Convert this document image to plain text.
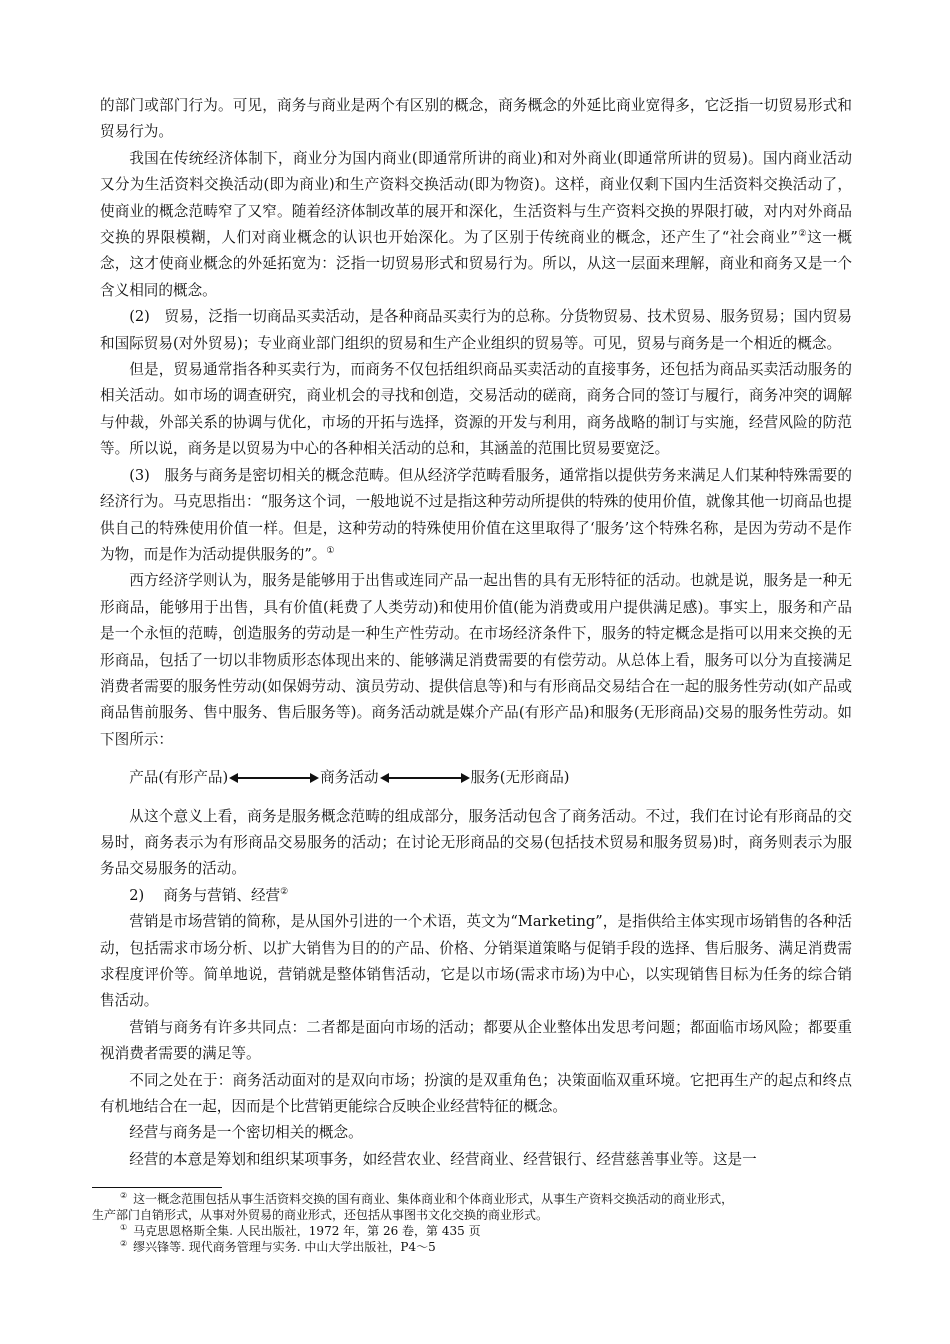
的部门或部门行为。可见，商务与商业是两个有区别的概念，商务概念的外延比商业宽得多，它泛指一切贸易形式和贸易行为。

我国在传统经济体制下，商业分为国内商业(即通常所讲的商业)和对外商业(即通常所讲的贸易)。国内商业活动又分为生活资料交换活动(即为商业)和生产资料交换活动(即为物资)。这样，商业仅剩下国内生活资料交换活动了，使商业的概念范畴窄了又窄。随着经济体制改革的展开和深化，生活资料与生产资料交换的界限打破，对内对外商品交换的界限模糊，人们对商业概念的认识也开始深化。为了区别于传统商业的概念，还产生了“社会商业”②这一概念，这才使商业概念的外延拓宽为：泛指一切贸易形式和贸易行为。所以，从这一层面来理解，商业和商务又是一个含义相同的概念。

(2)　贸易，泛指一切商品买卖活动，是各种商品买卖行为的总称。分货物贸易、技术贸易、服务贸易；国内贸易和国际贸易(对外贸易)；专业商业部门组织的贸易和生产企业组织的贸易等。可见，贸易与商务是一个相近的概念。

但是，贸易通常指各种买卖行为，而商务不仅包括组织商品买卖活动的直接事务，还包括为商品买卖活动服务的相关活动。如市场的调查研究，商业机会的寻找和创造，交易活动的磋商，商务合同的签订与履行，商务冲突的调解与仲裁，外部关系的协调与优化，市场的开拓与选择，资源的开发与利用，商务战略的制订与实施，经营风险的防范等。所以说，商务是以贸易为中心的各种相关活动的总和，其涵盖的范围比贸易要宽泛。

(3)　服务与商务是密切相关的概念范畴。但从经济学范畴看服务，通常指以提供劳务来满足人们某种特殊需要的经济行为。马克思指出：“服务这个词，一般地说不过是指这种劳动所提供的特殊的使用价值，就像其他一切商品也提供自己的特殊使用价值一样。但是，这种劳动的特殊使用价值在这里取得了‘服务’这个特殊名称，是因为劳动不是作为物，而是作为活动提供服务的”。①

西方经济学则认为，服务是能够用于出售或连同产品一起出售的具有无形特征的活动。也就是说，服务是一种无形商品，能够用于出售，具有价值(耗费了人类劳动)和使用价值(能为消费或用户提供满足感)。事实上，服务和产品是一个永恒的范畴，创造服务的劳动是一种生产性劳动。在市场经济条件下，服务的特定概念是指可以用来交换的无形商品，包括了一切以非物质形态体现出来的、能够满足消费需要的有偿劳动。从总体上看，服务可以分为直接满足消费者需要的服务性劳动(如保姆劳动、演员劳动、提供信息等)和与有形商品交易结合在一起的服务性劳动(如产品或商品售前服务、售中服务、售后服务等)。商务活动就是媒介产品(有形产品)和服务(无形商品)交易的服务性劳动。如下图所示：

产品(有形产品)	商务活动	服务(无形商品)

从这个意义上看，商务是服务概念范畴的组成部分，服务活动包含了商务活动。不过，我们在讨论有形商品的交易时，商务表示为有形商品交易服务的活动；在讨论无形商品的交易(包括技术贸易和服务贸易)时，商务则表示为服务品交易服务的活动。

2)　 商务与营销、经营②

营销是市场营销的简称，是从国外引进的一个术语，英文为“Marketing”，是指供给主体实现市场销售的各种活动，包括需求市场分析、以扩大销售为目的的产品、价格、分销渠道策略与促销手段的选择、售后服务、满足消费需求程度评价等。简单地说，营销就是整体销售活动，它是以市场(需求市场)为中心，以实现销售目标为任务的综合销售活动。

营销与商务有许多共同点：二者都是面向市场的活动；都要从企业整体出发思考问题；都面临市场风险；都要重视消费者需要的满足等。

不同之处在于：商务活动面对的是双向市场；扮演的是双重角色；决策面临双重环境。它把再生产的起点和终点有机地结合在一起，因而是个比营销更能综合反映企业经营特征的概念。

经营与商务是一个密切相关的概念。

经营的本意是筹划和组织某项事务，如经营农业、经营商业、经营银行、经营慈善事业等。这是一

② 这一概念范围包括从事生活资料交换的国有商业、集体商业和个体商业形式，从事生产资料交换活动的商业形式，

生产部门自销形式，从事对外贸易的商业形式，还包括从事图书文化交换的商业形式。

① 马克思恩格斯全集. 人民出版社，1972 年，第 26 卷，第 435 页

② 缪兴锋等. 现代商务管理与实务. 中山大学出版社，P4～5
